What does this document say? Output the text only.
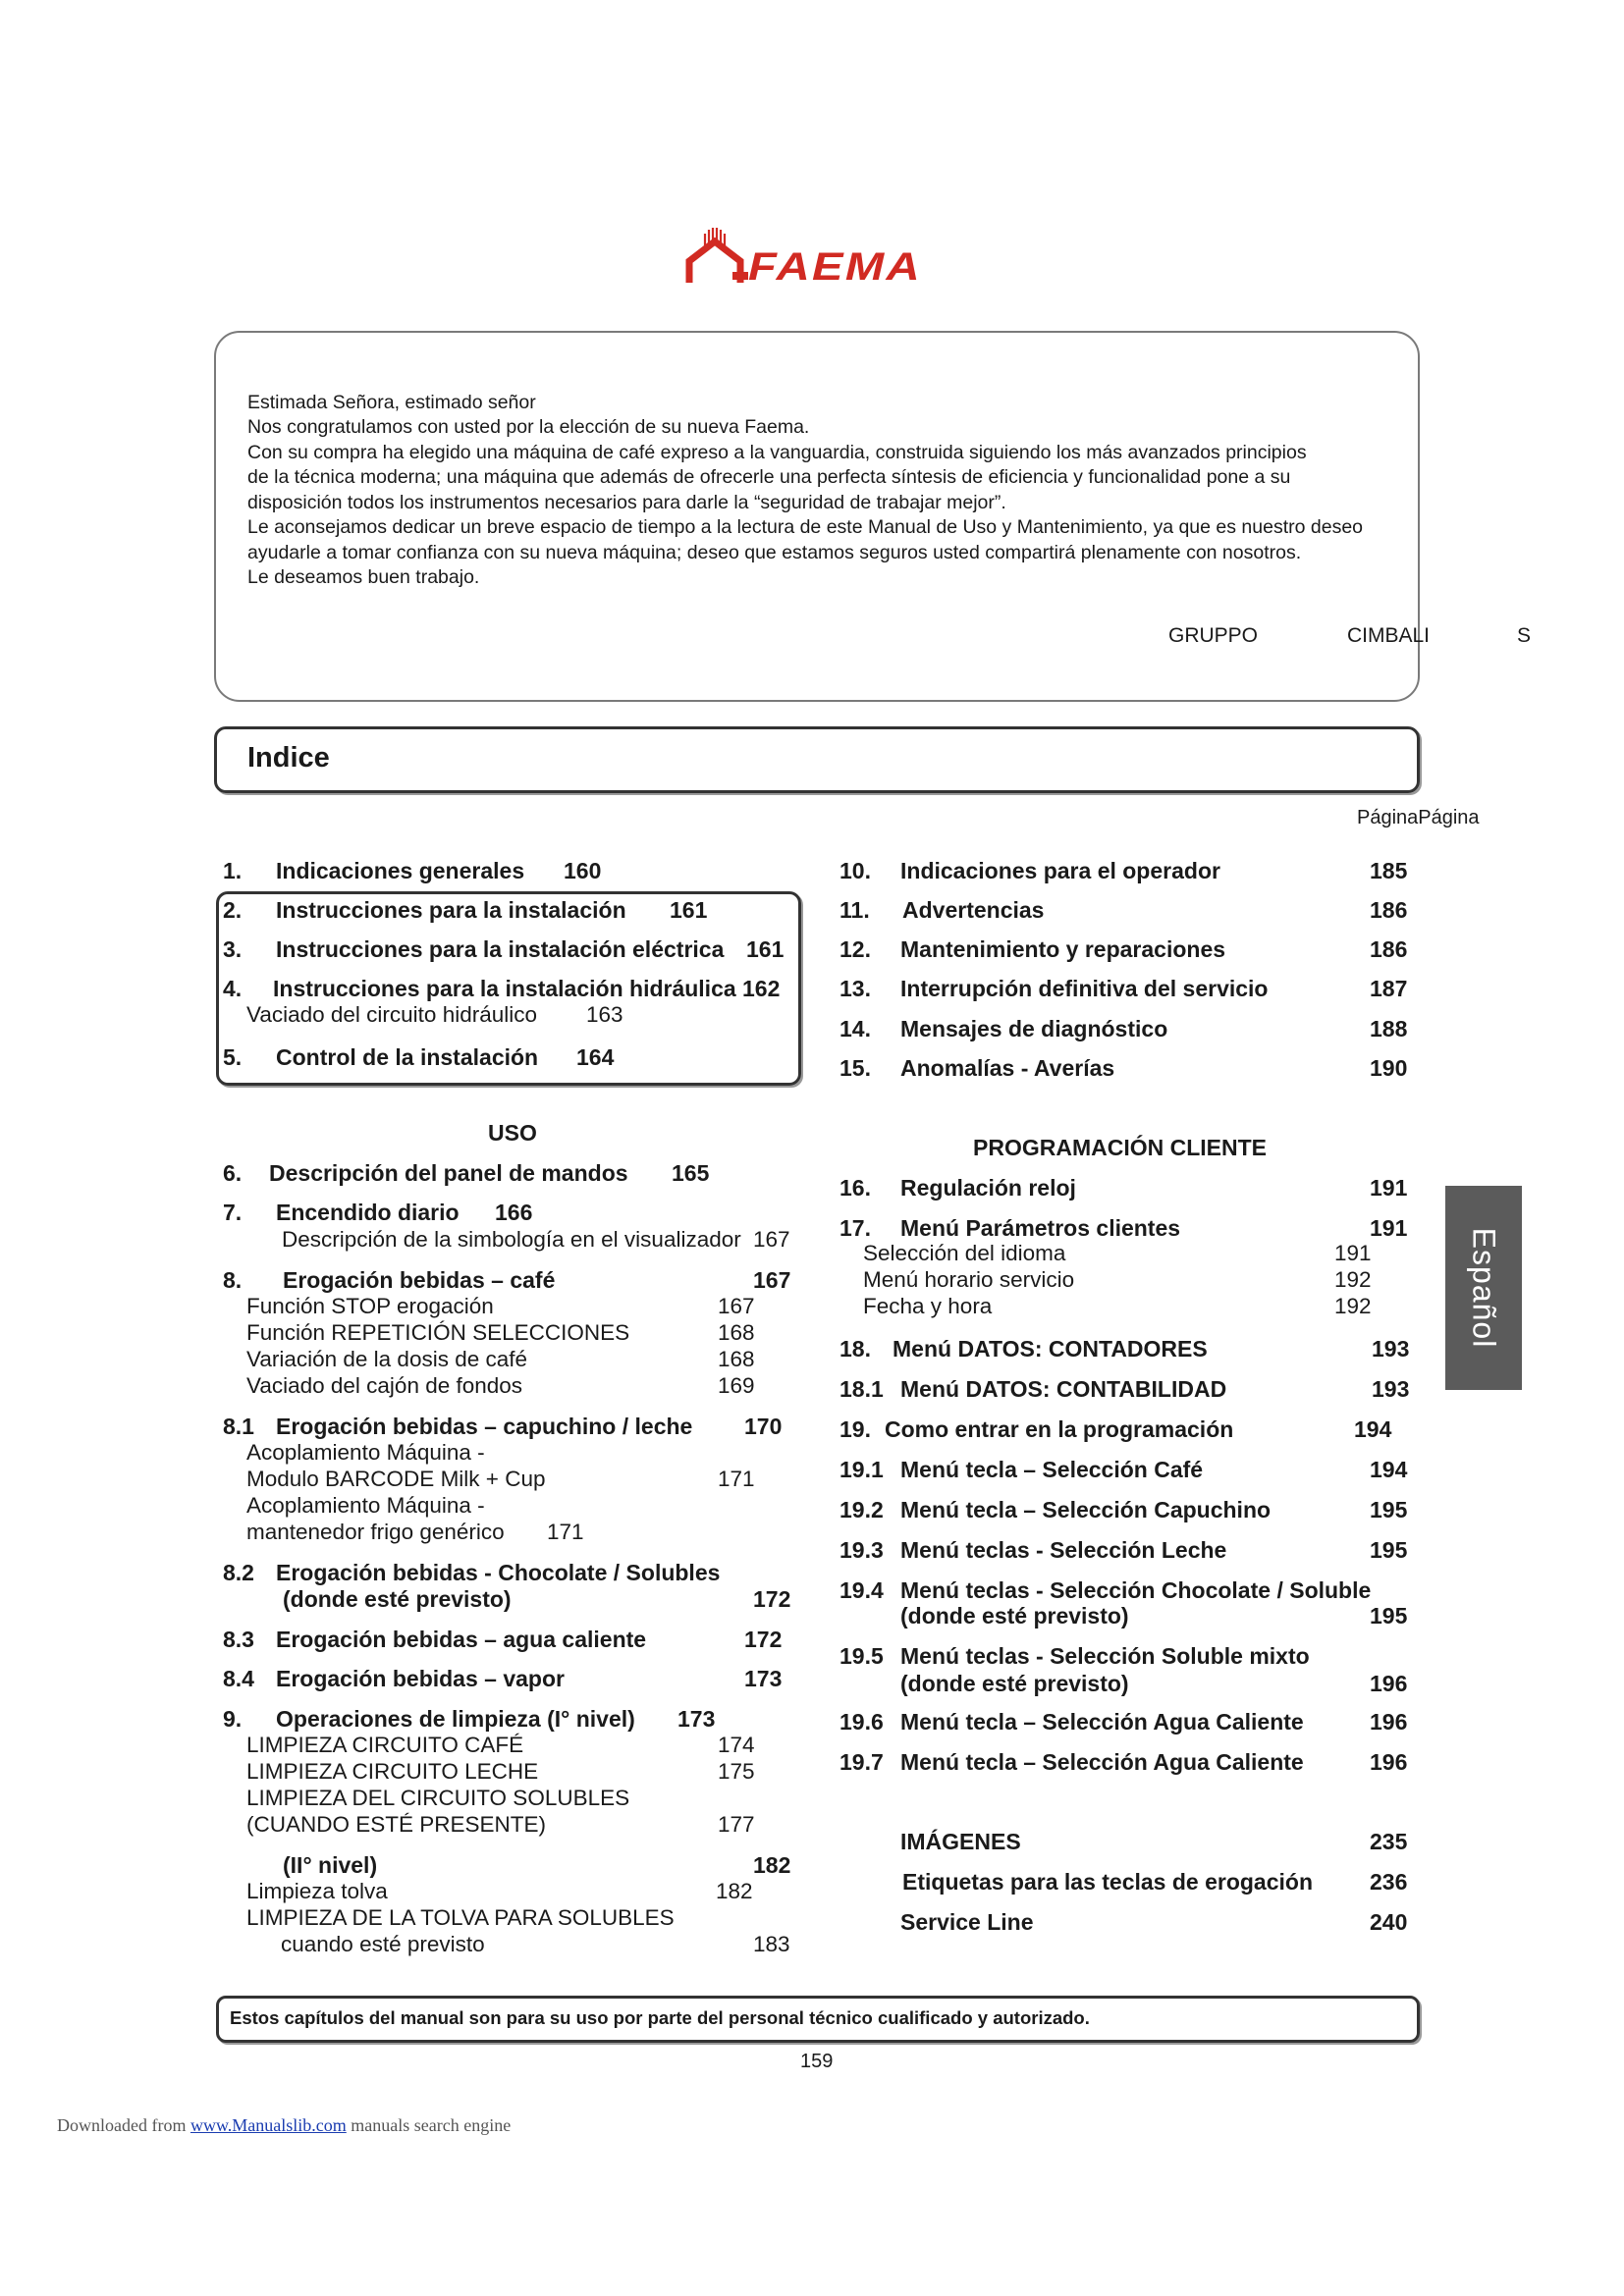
FAEMA
Estimada Señora, estimado señor
Nos congratulamos con usted por la elección de su nueva Faema.
Con su compra ha elegido una máquina de café expreso a la vanguardia, construida siguiendo los más avanzados principios
de la técnica moderna; una máquina que además de ofrecerle una perfecta síntesis de eficiencia y funcionalidad pone a su
disposición todos los instrumentos necesarios para darle la “seguridad de trabajar mejor”.
Le aconsejamos dedicar un breve espacio de tiempo a la lectura de este Manual de Uso y Mantenimiento, ya que es nuestro deseo
ayudarle a tomar confianza con su nueva máquina; deseo que estamos seguros usted compartirá plenamente con nosotros.
Le deseamos buen trabajo.
GRUPPO	CIMBALI	S
Indice
PáginaPágina
1. Indicaciones generales 160
2. Instrucciones para la instalación 161
3. Instrucciones para la instalación eléctrica 161
4. Instrucciones para la instalación hidráulica 162
Vaciado del circuito hidráulico 163
5. Control de la instalación 164
USO
6. Descripción del panel de mandos 165
7. Encendido diario 166
Descripción de la simbología en el visualizador 167
8. Erogación bebidas – café	167
Función STOP erogación	167
Función REPETICIÓN SELECCIONES	168
Variación de la dosis de café	168
Vaciado del cajón de fondos	169
8.1 Erogación bebidas – capuchino / leche 170
Acoplamiento Máquina -
Modulo BARCODE Milk + Cup	171
Acoplamiento Máquina -
mantenedor frigo genérico 171
8.2 Erogación bebidas - Chocolate / Solubles
(donde esté previsto)	172
8.3 Erogación bebidas – agua caliente	172
8.4 Erogación bebidas – vapor	173
9. Operaciones de limpieza (I° nivel) 173
LIMPIEZA CIRCUITO CAFÉ	174
LIMPIEZA CIRCUITO LECHE	175
LIMPIEZA DEL CIRCUITO SOLUBLES
(CUANDO ESTÉ PRESENTE)	177
(II° nivel)	182
Limpieza tolva	182
LIMPIEZA DE LA TOLVA PARA SOLUBLES
cuando esté previsto	183
10. Indicaciones para el operador	185
11. Advertencias	186
12. Mantenimiento y reparaciones	186
13. Interrupción definitiva del servicio	187
14. Mensajes de diagnóstico	188
15. Anomalías - Averías	190
PROGRAMACIÓN CLIENTE
16. Regulación reloj	191
17. Menú Parámetros clientes	191
Selección del idioma	191
Menú horario servicio	192
Fecha y hora	192
18. Menú DATOS: CONTADORES	193
18.1 Menú DATOS: CONTABILIDAD	193
19. Como entrar en la programación	194
19.1 Menú tecla – Selección Café	194
19.2 Menú tecla – Selección Capuchino	195
19.3 Menú teclas - Selección Leche	195
19.4 Menú teclas - Selección Chocolate / Soluble
(donde esté previsto)	195
19.5 Menú teclas - Selección Soluble mixto
(donde esté previsto)	196
19.6 Menú tecla – Selección Agua Caliente	196
19.7 Menú tecla – Selección Agua Caliente	196
IMÁGENES	235
Etiquetas para las teclas de erogación	236
Service Line	240
Español
Estos capítulos del manual son para su uso por parte del personal técnico cualificado y autorizado.
159
Downloaded from www.Manualslib.com manuals search engine
